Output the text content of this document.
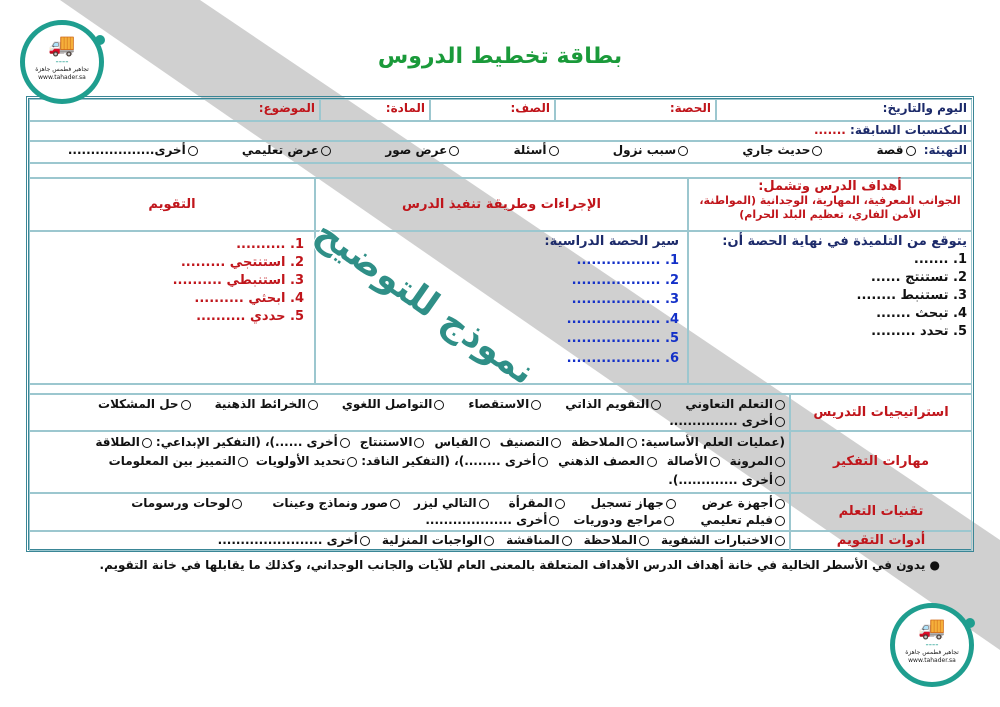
بطاقة تخطيط الدروس
اليوم والتاريخ:
الحصة:
الصف:
المادة:
الموضوع:
المكتسبات السابقة: .......
التهيئة: قصة حديث جاري سبب نزول أسئلة عرض صور عرض تعليمي أخرى...................
أهداف الدرس وتشمل:
الجوانب المعرفية، المهارية، الوجدانية (المواطنة، الأمن الفاري، تعظيم البلد الحرام)
الإجراءات وطريقة تنفيذ الدرس
التقويم
يتوقع من التلميذة في نهاية الحصة أن:
1. .......
2. تستنتج ......
3. تستنبط ........
4. تبحث .......
5. تحدد .........
سير الحصة الدراسية:
1. .................
2. ..................
3. ..................
4. ...................
5. ...................
6. ...................
1. ..........
2. استنتجي .........
3. استنبطي ..........
4. ابحثي ..........
5. حددي ..........
استراتيجيات التدريس
التعلم التعاونيالتقويم الذاتيالاستقصاءالتواصل اللغويالخرائط الذهنيةحل المشكلات
أخرى ...............
مهارات التفكير
(عمليات العلم الأساسية: الملاحظةالتصنيفالقياسالاستنتاجأخرى ......)، (التفكير الإبداعي:الطلاقة
المرونةالأصالةالعصف الذهنيأخرى ........)، (التفكير الناقد:تحديد الأولوياتالتمييز بين المعلومات
أخرى .............).
تقنيات التعلم
أجهزة عرضجهاز تسجيلالمقرأةالتالي ليزرصور ونماذج وعيناتلوحات ورسومات
فيلم تعليميمراجع ودورياتأخرى ...................
أدوات التقويم
الاختبارات الشفويةالملاحظةالمناقشةالواجبات المنزليةأخرى .......................
● يدون في الأسطر الخالية في خانة أهداف الدرس الأهداف المتعلقة بالمعنى العام للآيات والجانب الوجداني، وكذلك ما يقابلها في خانة التقويم.
نموذج للتوضيح
🚚
----
تجاهير فطمس جاهزة
www.tahader.sa
🚚
----
تجاهير فطمس جاهزة
www.tahader.sa
